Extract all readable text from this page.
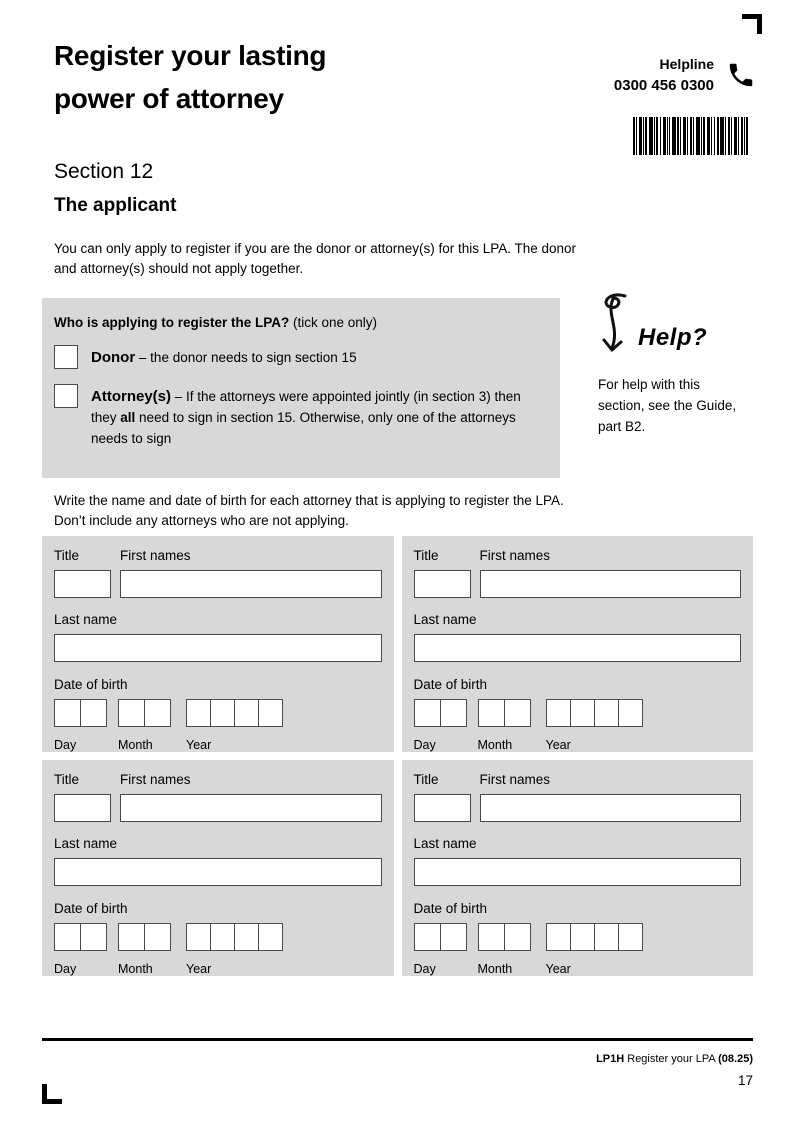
Register your lasting
power of attorney
Helpline
0300 456 0300
Section 12
The applicant

You can only apply to register if you are the donor or attorney(s) for this LPA. The donor and attorney(s) should not apply together.

Who is applying to register the LPA? (tick one only)
Donor – the donor needs to sign section 15
Attorney(s) – If the attorneys were appointed jointly (in section 3) then they all need to sign in section 15. Otherwise, only one of the attorneys needs to sign
Help?

For help with this section, see the Guide, part B2.

Write the name and date of birth for each attorney that is applying to register the LPA. Don’t include any attorneys who are not applying.

Title	First names
Last name
Date of birth
Day	Month	Year
Title	First names
Last name
Date of birth
Day	Month	Year
Title	First names
Last name
Date of birth
Day	Month	Year
Title	First names
Last name
Date of birth
Day	Month	Year
LP1H Register your LPA (08.25)
17
